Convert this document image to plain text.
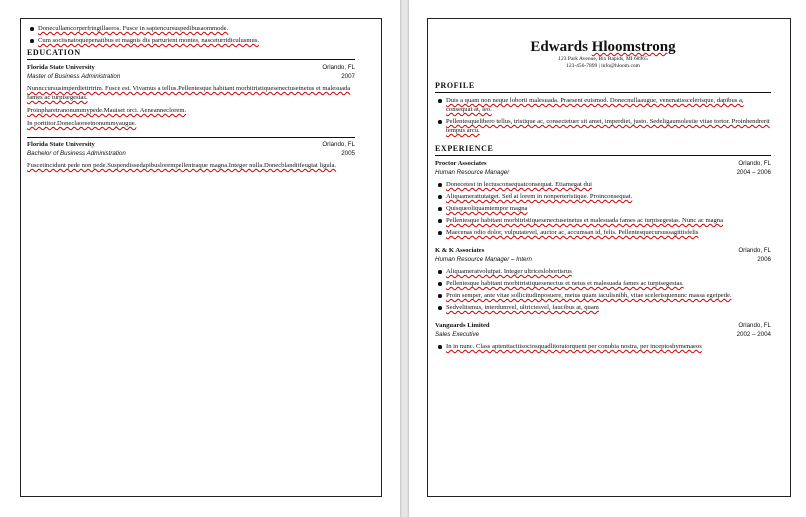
Donecullamcorperfringillaeros. Fusce in sapiencursuspedibusaommode.
Cum sociisnatoquepenatibus et magnis dis parturient montes, nasceturridiculusmus.
EDUCATION
Florida State University	Orlando, FL
Master of Business Administration	2007
Nunnccursusimperdiettrtrim. Fusce est. Vivamus a tellus.Pellentesque habitant morbitristiquesenectusetnetus et malesuada fames ac turpisegestas.
Proinpharetranonummypede.Mauiset orci. Aeneanneclorem.
In porttitor.Doneclaoreetnonummyaugue.
Florida State University	Orlando, FL
Bachelor of Business Administration	2005
Fuscetincidunt pede non pede.Suspendissedapibuslorempellentraque magna.Integer nulla.Donecblanditfeugiat ligula.
Edwards Hloomstrong
123 Park Avenue, Bix Rapids, MI 68965
123-456-7899 | info@hloom.com
PROFILE
Duis a quam non neque loborti malesuada. Praesent euismod. Donecnullaaugue, venenatisscelerisque, dapibus a, consequat at, leo.
Pellentesquelibero tellus, tristique ac, consectetuer sit amet, imperdiet, justo. Sedeligaumolestie vitae tortor. Proinhendrerit tempus arcu.
EXPERIENCE
Proctor Associates	Orlando, FL
Human Resource Manager	2004 – 2006
Donecetest in lectusconsequatconsequat. Etiamegat dui
Aliquamerattutatget. Sed at lorem in nonperteristique. Proinconsequat.
Quisqueoliquamtempor magna
Pellentesque habitant morbitristiquesenectusetnetus et malesuada fames ac turpisegestas. Nunc ac magna
Maecenas odio dolor, vulputatevel, auctor ac, accumsan id, felis. Pellentesquecursussagittisfelis
K & K Associates	Orlando, FL
Human Resource Manager – Intern	2006
Aliquameratvolutpat. Integer ultriceslobortisrus
Pellentesque habitant morbitristiquesenectus et netus et malesuada fames ac turpisegestas.
Proin semper, ante vitae sollicitudinposuere, metus quam iaculisnibh, vitae scelerisquenunc massa egetpede.
Sedvelitsmus, interdumvel, ultriciesvel, faucibus at, quam
Vanguards Limited	Orlando, FL
Sales Executive	2002 – 2004
In in nunc. Class aptenttacitisociosquadlitoratorquent per conubia nostra, per inceptoshymenaeos
